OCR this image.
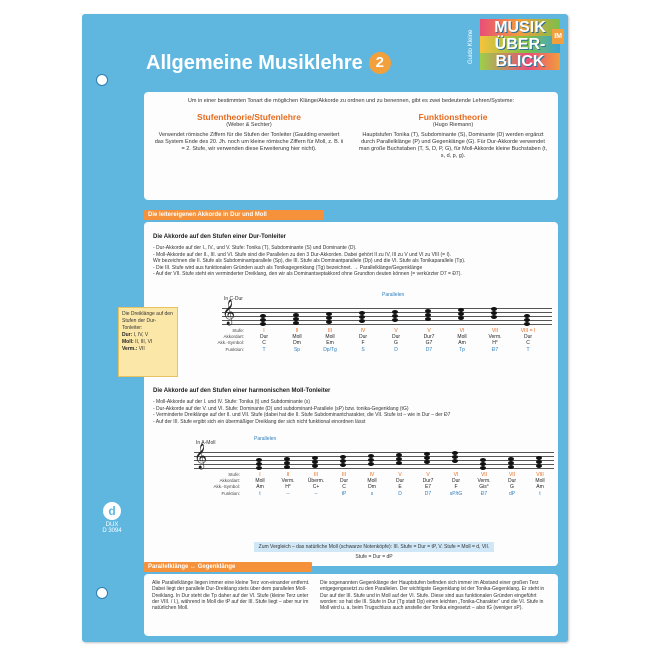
Allgemeine Musiklehre 2
MUSIK
ÜBER-
BLICK
IM
Guido Kleine
Um in einer bestimmten Tonart die möglichen Klänge/Akkorde zu ordnen und zu benennen, gibt es zwei bedeutende Lehren/Systeme:
Stufentheorie/Stufenlehre
(Weber & Sechter)
Verwendet römische Ziffern für die Stufen der Tonleiter (Gaulding erweitert das System Ende des 20. Jh. noch um kleine römische Ziffern für Moll, z. B. ii = 2. Stufe, wir verwenden diese Erweiterung hier nicht).
Funktionstheorie
(Hugo Riemann)
Hauptstufen Tonika (T), Subdominante (S), Dominante (D) werden ergänzt durch Parallelklänge (P) und Gegenklänge (G). Für Dur-Akkorde verwendet man große Buchstaben (T, S, D, P, G), für Moll-Akkorde kleine Buchstaben (t, s, d, p, g).
Die leitereigenen Akkorde in Dur und Moll
Die Akkorde auf den Stufen einer Dur-Tonleiter
- Dur-Akkorde auf der I., IV., und V. Stufe: Tonika (T), Subdominante (S) und Dominante (D).
- Moll-Akkorde auf der II., III. und VI. Stufe sind die Parallelen zu den 3 Dur-Akkorden. Dabei gehört II zu IV, III zu V und VI zu VIII (= I).
Wir bezeichnen die II. Stufe als Subdominantparallele (Sp), die III. Stufe als Dominantparallele (Dp) und die VI. Stufe als Tonikaparallele (Tp).
- Die III. Stufe wird aus funktionalen Gründen auch als Tonikagegenklang (Tg) bezeichnet. → Parallelklänge/Gegenklänge
- Auf der VII. Stufe steht ein verminderter Dreiklang, den wir als Dominantseptakkord ohne Grundton deuten können (= verkürzter D7 = Ð7).
In C-Dur
Parallelen
𝄞
Stufe:
Akkordart:
Akk.-Symbol:
Funktion:
I
Dur
C
T
II
Moll
Dm
Sp
III
Moll
Em
Dp/Tg
IV
Dur
F
S
V
Dur
G
D
V
Dur7
G7
D7
VI
Moll
Am
Tp
VII
Verm.
H°
Ð7
VIII = I
Dur
C
T
Die Akkorde auf den Stufen einer harmonischen Moll-Tonleiter
- Moll-Akkorde auf der I. und IV. Stufe: Tonika (t) und Subdominante (s)
- Dur-Akkorde auf der V. und VI. Stufe: Dominante (D) und subdominant-Parallele (sP) bzw. tonika-Gegenklang (tG)
- Verminderte Dreiklänge auf der II. und VII. Stufe (dabei hat die II. Stufe Subdominantcharakter, die VII. Stufe ist – wie in Dur – der Ð7
- Auf der III. Stufe ergibt sich ein übermäßiger Dreiklang der sich nicht funktional einordnen lässt
In A-Moll
Parallelen
𝄞
Stufe:
Akkordart:
Akk.-Symbol:
Funktion:
I
Moll
Am
t
II
Verm.
H°
–
III
Überm.
C+
–
III
Dur
C
tP
IV
Moll
Dm
s
V
Dur
E
D
V
Dur7
E7
D7
VI
Dur
F
sP/tG
VII
Verm.
Gis°
Ð7
VII
Dur
G
dP
VIII
Moll
Am
t
Zum Vergleich – das natürliche Moll (schwarze Notenköpfe): III. Stufe = Dur = tP, V. Stufe = Moll = d, VII. Stufe = Dur = dP
Die Dreiklänge auf den Stufen der Dur-Tonleiter:
Dur: I, IV, V
Moll: II, III, VI
Verm.: VII
Parallelklänge ↔ Gegenklänge
Alle Parallelklänge liegen immer eine kleine Terz von-einander entfernt. Dabei liegt der parallele Dur-Dreiklang stets über dem parallelen Moll-Dreiklang. In Dur steht die Tp daher auf der VI. Stufe (kleine Terz unter der VIII. / I.), während in Moll die tP auf der III. Stufe liegt – aber nur im natürlichen Moll.
Die sogenannten Gegenklänge der Hauptstufen befinden sich immer im Abstand einer großen Terz entgegengesetzt zu den Parallelen. Der wichtigste Gegenklang ist der Tonika-Gegenklang. Er steht in Dur auf der III. Stufe und in Moll auf der VI. Stufe. Diese sind aus funktionalen Gründen eingeführt worden: so hat die III. Stufe in Dur (Tg statt Dp) einen leichten „Tonika-Charakter“ und die VI. Stufe in Moll wird u. a. beim Trugschluss auch anstelle der Tonika eingesetzt – also tG (weniger sP).
d
DUX
D 3094
